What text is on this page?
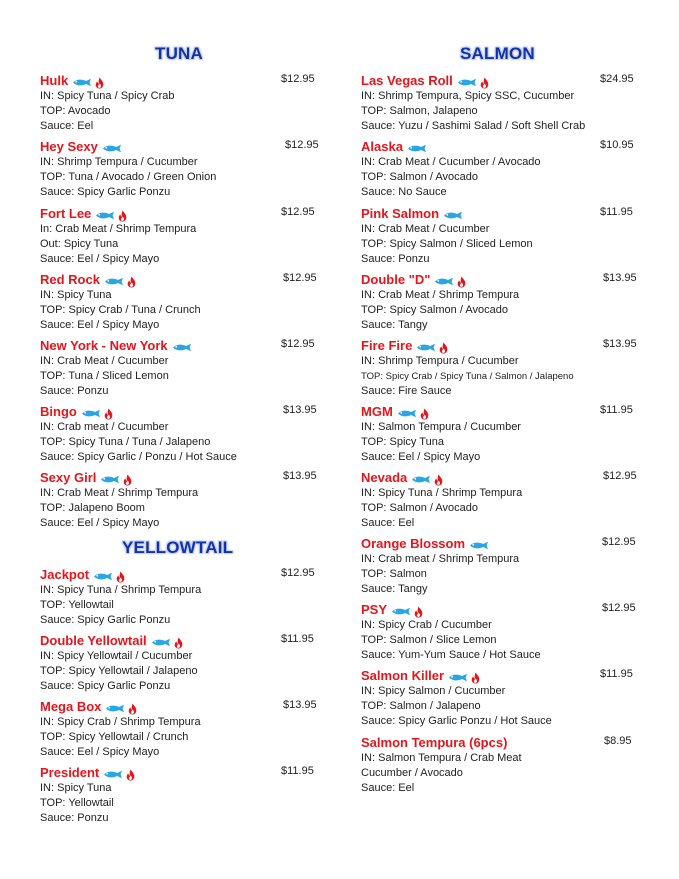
TUNA
YELLOWTAIL
SALMON
Hulk	$12.95
IN: Spicy Tuna / Spicy Crab
TOP: Avocado
Sauce: Eel
Hey Sexy	$12.95
IN: Shrimp Tempura / Cucumber
TOP: Tuna / Avocado / Green Onion
Sauce: Spicy Garlic Ponzu
Fort Lee	$12.95
In: Crab Meat / Shrimp Tempura
Out: Spicy Tuna
Sauce: Eel / Spicy Mayo
Red Rock	$12.95
IN: Spicy Tuna
TOP: Spicy Crab / Tuna / Crunch
Sauce: Eel / Spicy Mayo
New York - New York	$12.95
IN: Crab Meat / Cucumber
TOP: Tuna / Sliced Lemon
Sauce: Ponzu
Bingo	$13.95
IN: Crab meat / Cucumber
TOP: Spicy Tuna / Tuna / Jalapeno
Sauce: Spicy Garlic / Ponzu / Hot Sauce
Sexy Girl	$13.95
IN: Crab Meat / Shrimp Tempura
TOP: Jalapeno Boom
Sauce: Eel / Spicy Mayo
Jackpot	$12.95
IN: Spicy Tuna / Shrimp Tempura
TOP: Yellowtail
Sauce: Spicy Garlic Ponzu
Double Yellowtail	$11.95
IN: Spicy Yellowtail / Cucumber
TOP: Spicy Yellowtail / Jalapeno
Sauce: Spicy Garlic Ponzu
Mega Box	$13.95
IN: Spicy Crab / Shrimp Tempura
TOP: Spicy Yellowtail / Crunch
Sauce: Eel / Spicy Mayo
President	$11.95
IN: Spicy Tuna
TOP: Yellowtail
Sauce: Ponzu
Las Vegas Roll	$24.95
IN: Shrimp Tempura, Spicy SSC, Cucumber
TOP: Salmon, Jalapeno
Sauce: Yuzu / Sashimi Salad / Soft Shell Crab
Alaska	$10.95
IN: Crab Meat / Cucumber / Avocado
TOP: Salmon / Avocado
Sauce: No Sauce
Pink Salmon	$11.95
IN: Crab Meat / Cucumber
TOP: Spicy Salmon / Sliced Lemon
Sauce: Ponzu
Double "D"	$13.95
IN: Crab Meat / Shrimp Tempura
TOP: Spicy Salmon / Avocado
Sauce: Tangy
Fire Fire	$13.95
IN: Shrimp Tempura / Cucumber
TOP: Spicy Crab / Spicy Tuna / Salmon / Jalapeno
Sauce: Fire Sauce
MGM	$11.95
IN: Salmon Tempura / Cucumber
TOP: Spicy Tuna
Sauce: Eel / Spicy Mayo
Nevada	$12.95
IN: Spicy Tuna / Shrimp Tempura
TOP: Salmon / Avocado
Sauce: Eel
Orange Blossom	$12.95
IN: Crab meat / Shrimp Tempura
TOP: Salmon
Sauce: Tangy
PSY	$12.95
IN: Spicy Crab / Cucumber
TOP: Salmon / Slice Lemon
Sauce: Yum-Yum Sauce / Hot Sauce
Salmon Killer	$11.95
IN: Spicy Salmon / Cucumber
TOP: Salmon / Jalapeno
Sauce: Spicy Garlic Ponzu / Hot Sauce
Salmon Tempura (6pcs)	$8.95
IN: Salmon Tempura / Crab Meat
Cucumber / Avocado
Sauce: Eel
